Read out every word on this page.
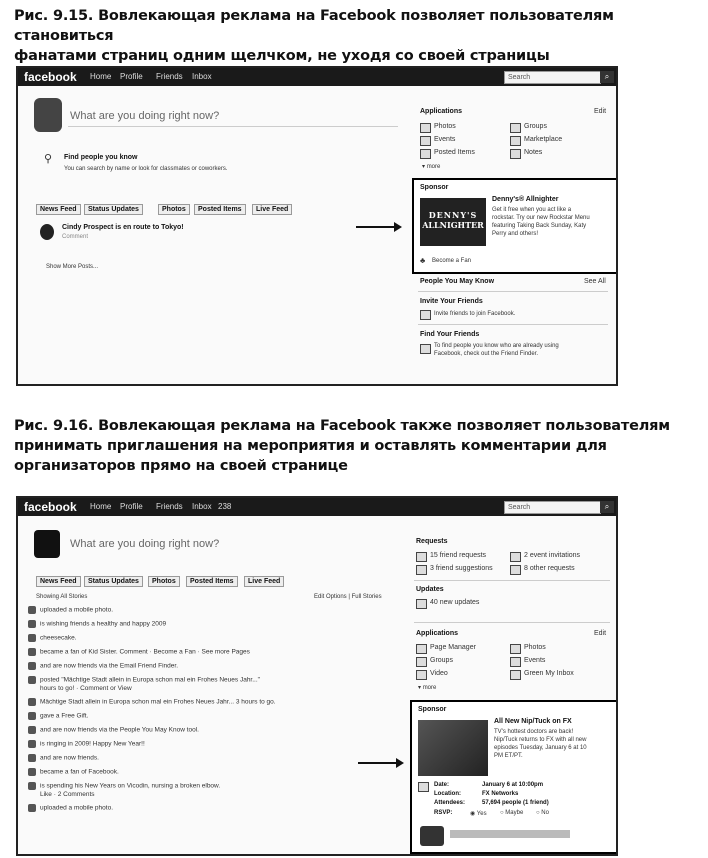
Рис. 9.15. Вовлекающая реклама на Facebook позволяет пользователям становиться
фанатами страниц одним щелчком, не уходя со своей страницы
facebook Home Profile Friends Inbox	Search	⌕
What are you doing right now?
⚲ Find people you know
You can search by name or look for classmates or coworkers.
News Feed	Status Updates	Photos	Posted Items	Live Feed
Cindy Prospect is en route to Tokyo!
Comment
Show More Posts...
Applications	Edit
Photos	Groups
Events	Marketplace
Posted Items	Notes
▾ more
Sponsor
DENNY'S
ALLNIGHTER
Denny's® Allnighter
Get it free when you act like a
rockstar. Try our new Rockstar Menu
featuring Taking Back Sunday, Katy
Perry and others!
♣ Become a Fan
People You May Know	See All
Invite Your Friends
Invite friends to join Facebook.
Find Your Friends
To find people you know who are already using
Facebook, check out the Friend Finder.
Рис. 9.16. Вовлекающая реклама на Facebook также позволяет пользователям
принимать приглашения на мероприятия и оставлять комментарии для
организаторов прямо на своей странице
facebook Home Profile Friends Inbox 238	Search	⌕
What are you doing right now?
News Feed	Status Updates	Photos	Posted Items	Live Feed
Showing All Stories	Edit Options | Full Stories
uploaded a mobile photo.
is wishing friends a healthy and happy 2009
cheesecake.
became a fan of Kid Sister. Comment · Become a Fan · See more Pages
and are now friends via the Email Friend Finder.
posted "Mächtige Stadt allein in Europa schon mal ein Frohes Neues Jahr..."
hours to go! · Comment or View
Mächtige Stadt allein in Europa schon mal ein Frohes Neues Jahr... 3 hours to go.
gave a Free Gift.
and are now friends via the People You May Know tool.
is ringing in 2009! Happy New Year!!
and are now friends.
became a fan of Facebook.
is spending his New Years on Vicodin, nursing a broken elbow.
Like · 2 Comments
uploaded a mobile photo.
Requests
15 friend requests	2 event invitations
3 friend suggestions	8 other requests
Updates
40 new updates
Applications	Edit
Page Manager	Photos
Groups	Events
Video	Green My Inbox
▾ more
Sponsor
All New Nip/Tuck on FX
TV's hottest doctors are back!
Nip/Tuck returns to FX with all new
episodes Tuesday, January 6 at 10
PM ET/PT.
Date:	January 6 at 10:00pm
Location:	FX Networks
Attendees:	57,694 people (1 friend)
RSVP:	◉ Yes ○ Maybe ○ No
